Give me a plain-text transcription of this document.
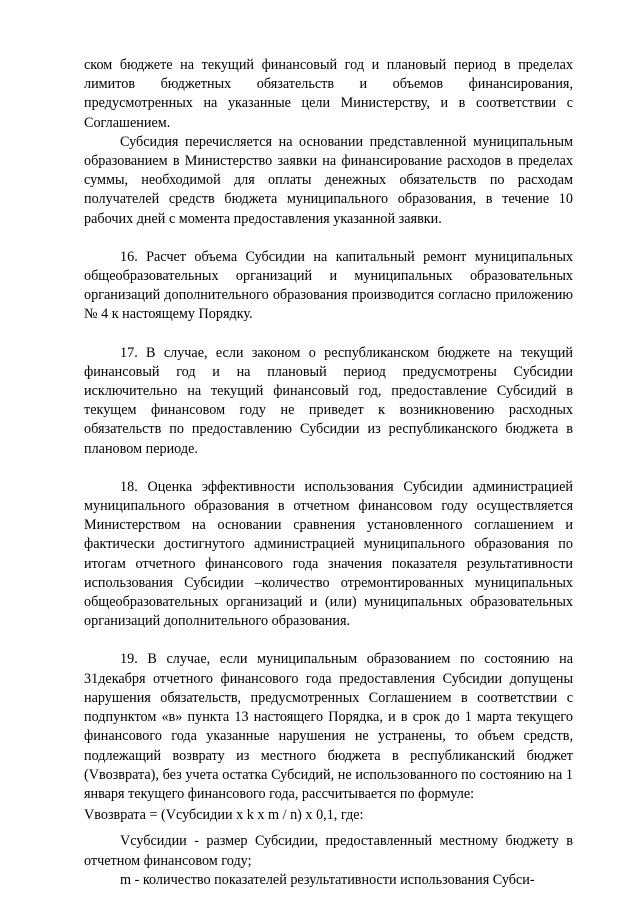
ском бюджете на текущий финансовый год и плановый период в пределах лимитов бюджетных обязательств и объемов финансирования, предусмотренных на указанные цели Министерству, и в соответствии с Соглашением.

Субсидия перечисляется на основании представленной муниципальным образованием в Министерство заявки на финансирование расходов в пределах суммы, необходимой для оплаты денежных обязательств по расходам получателей средств бюджета муниципального образования, в течение 10 рабочих дней с момента предоставления указанной заявки.

16. Расчет объема Субсидии на капитальный ремонт муниципальных общеобразовательных организаций и муниципальных образовательных организаций дополнительного образования производится согласно приложению № 4 к настоящему Порядку.

17. В случае, если законом о республиканском бюджете на текущий финансовый год и на плановый период предусмотрены Субсидии исключительно на текущий финансовый год, предоставление Субсидий в текущем финансовом году не приведет к возникновению расходных обязательств по предоставлению Субсидии из республиканского бюджета в плановом периоде.

18. Оценка эффективности использования Субсидии администрацией муниципального образования в отчетном финансовом году осуществляется Министерством на основании сравнения установленного соглашением и фактически достигнутого администрацией муниципального образования по итогам отчетного финансового года значения показателя результативности использования Субсидии –количество отремонтированных муниципальных общеобразовательных организаций и (или) муниципальных образовательных организаций дополнительного образования.

19. В случае, если муниципальным образованием по состоянию на 31декабря отчетного финансового года предоставления Субсидии допущены нарушения обязательств, предусмотренных Соглашением в соответствии с подпунктом «в» пункта 13 настоящего Порядка, и в срок до 1 марта текущего финансового года указанные нарушения не устранены, то объем средств, подлежащий возврату из местного бюджета в республиканский бюджет (Vвозврата), без учета остатка Субсидий, не использованного по состоянию на 1 января текущего финансового года, рассчитывается по формуле:

Vвозврата = (Vсубсидии x k x m / n) x 0,1, где:

Vсубсидии - размер Субсидии, предоставленный местному бюджету в отчетном финансовом году;

m - количество показателей результативности использования Субси-
